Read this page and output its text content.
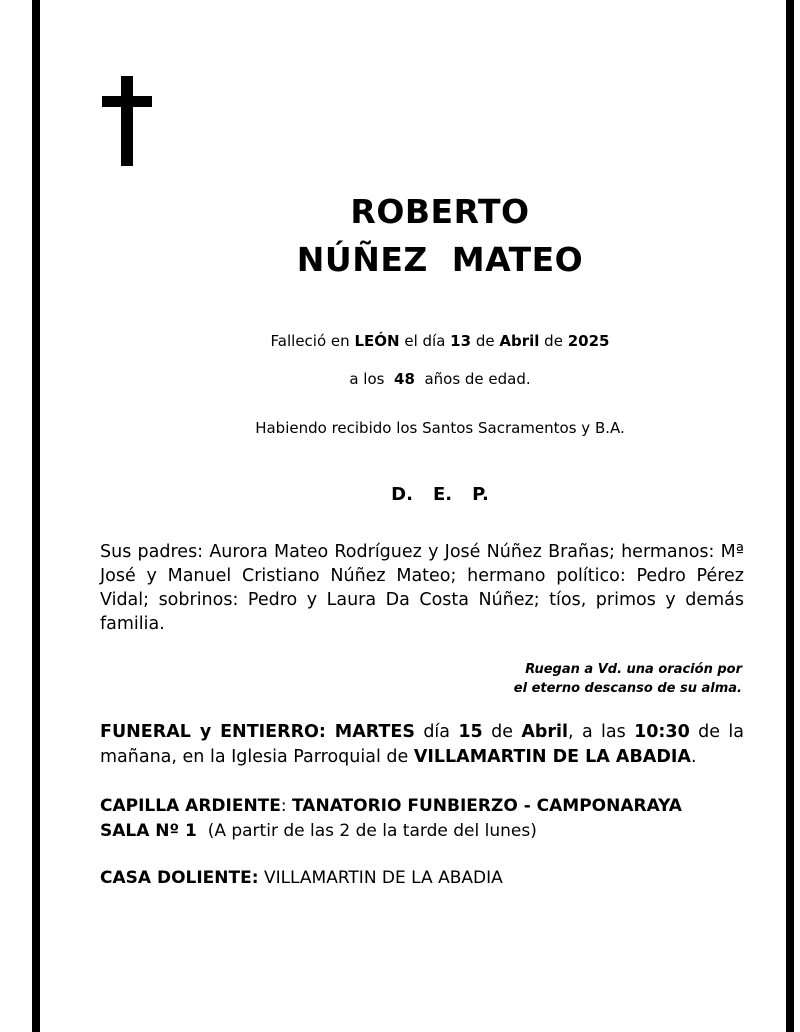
ROBERTO
NÚÑEZ  MATEO
Falleció en LEÓN el día 13 de Abril de 2025
a los 48 años de edad.
Habiendo recibido los Santos Sacramentos y B.A.
D. E. P.
Sus padres: Aurora Mateo Rodríguez y José Núñez Brañas; hermanos: Mª José y Manuel Cristiano Núñez Mateo; hermano político: Pedro Pérez Vidal; sobrinos: Pedro y Laura Da Costa Núñez; tíos, primos y demás familia.
Ruegan a Vd. una oración por
el eterno descanso de su alma.
FUNERAL y ENTIERRO: MARTES día 15 de Abril, a las 10:30 de la mañana, en la Iglesia Parroquial de VILLAMARTIN DE LA ABADIA.
CAPILLA ARDIENTE: TANATORIO FUNBIERZO - CAMPONARAYA
SALA Nº 1 (A partir de las 2 de la tarde del lunes)
CASA DOLIENTE: VILLAMARTIN DE LA ABADIA
